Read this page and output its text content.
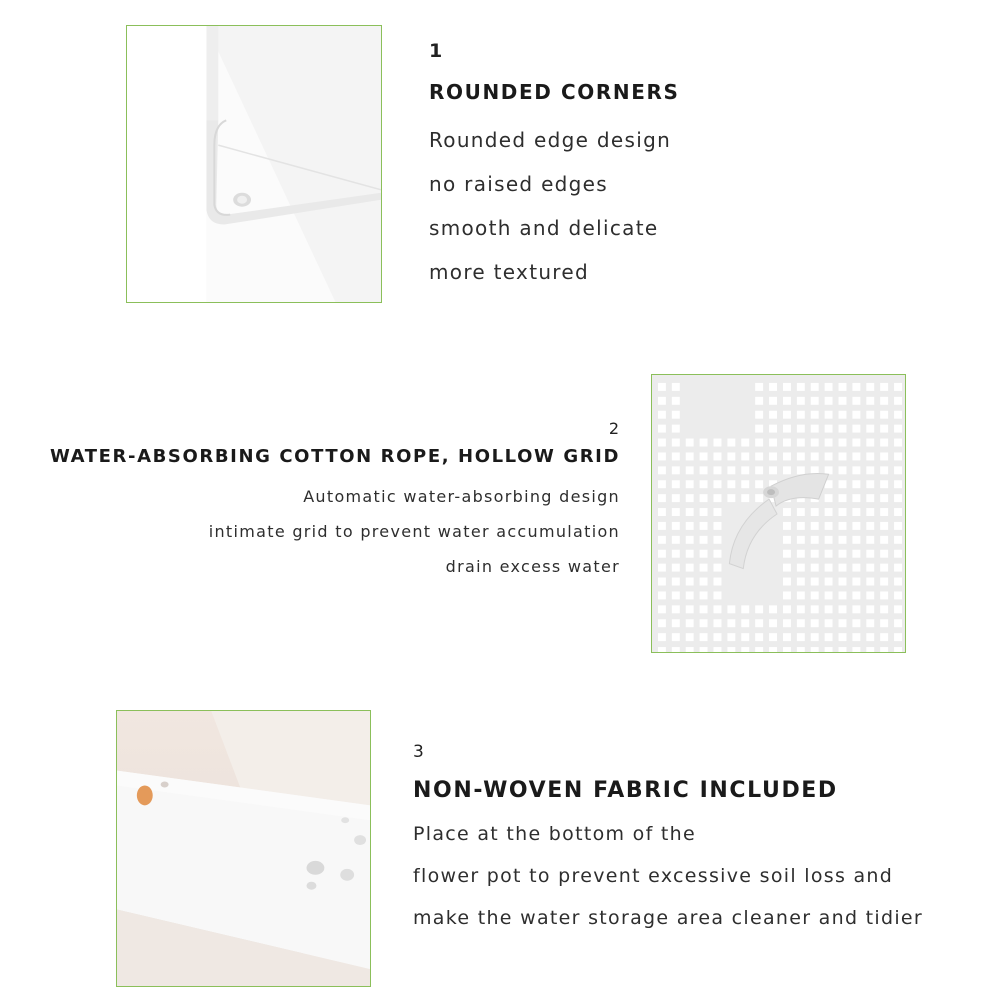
1
ROUNDED CORNERS
Rounded edge design
no raised edges
smooth and delicate
more textured
2
WATER-ABSORBING COTTON ROPE, HOLLOW GRID
Automatic water-absorbing design
intimate grid to prevent water accumulation
drain excess water
3
NON-WOVEN FABRIC INCLUDED
Place at the bottom of the
flower pot to prevent excessive soil loss and
make the water storage area cleaner and tidier
